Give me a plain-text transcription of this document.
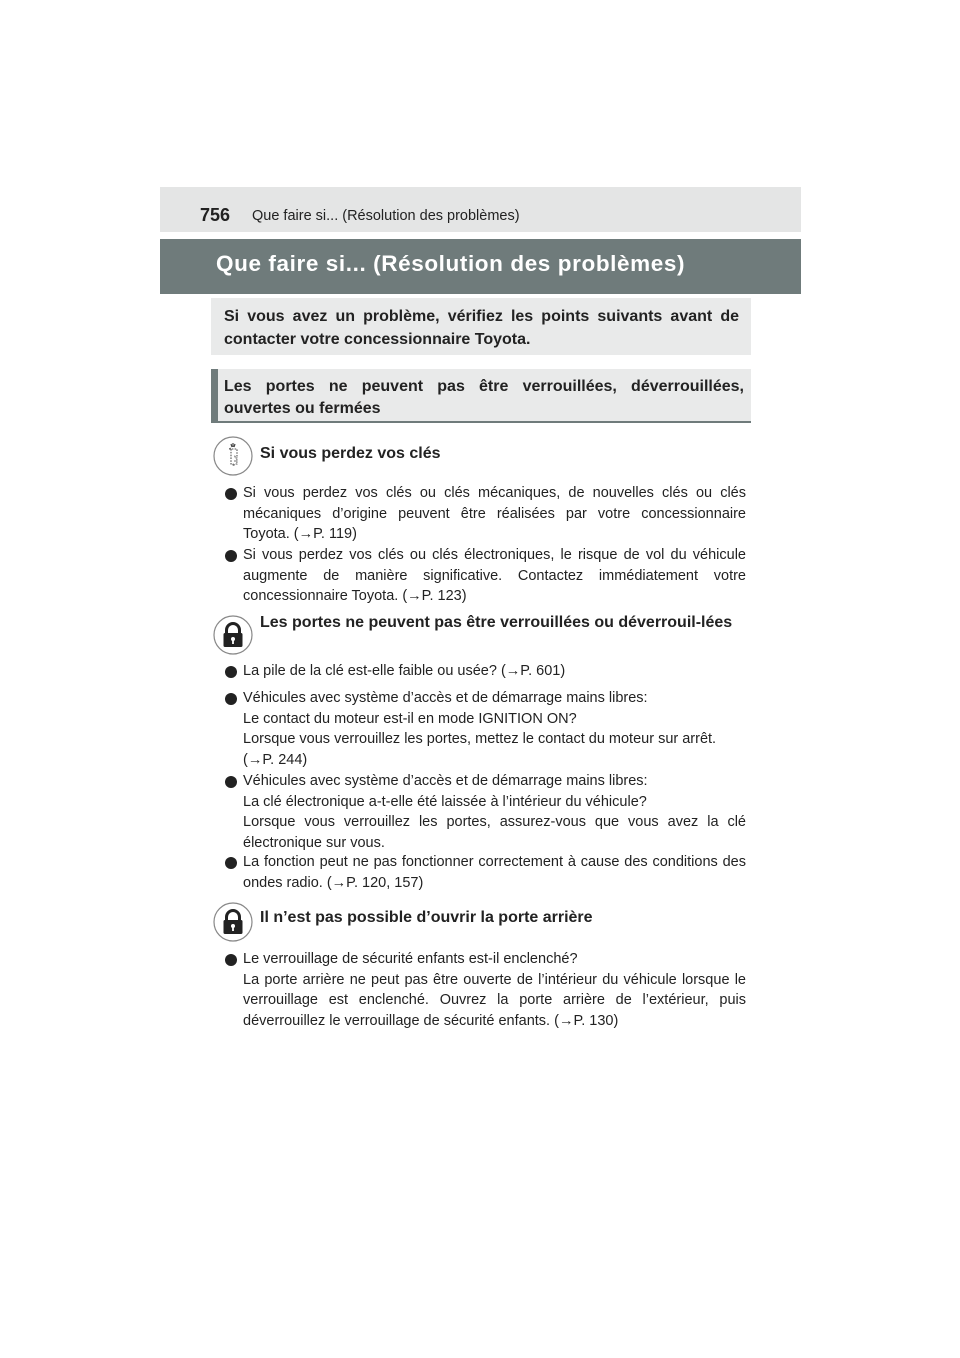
756 Que faire si... (Résolution des problèmes)
Que faire si... (Résolution des problèmes)
Si vous avez un problème, vérifiez les points suivants avant de contacter votre concessionnaire Toyota.
Les portes ne peuvent pas être verrouillées, déverrouillées, ouvertes ou fermées
Si vous perdez vos clés

Si vous perdez vos clés ou clés mécaniques, de nouvelles clés ou clés mécaniques d’origine peuvent être réalisées par votre concessionnaire Toyota. (→P. 119)

Si vous perdez vos clés ou clés électroniques, le risque de vol du véhicule augmente de manière significative. Contactez immédiatement votre concessionnaire Toyota. (→P. 123)

Les portes ne peuvent pas être verrouillées ou déverrouil-lées

La pile de la clé est-elle faible ou usée? (→P. 601)

Véhicules avec système d’accès et de démarrage mains libres:

Le contact du moteur est-il en mode IGNITION ON?

Lorsque vous verrouillez les portes, mettez le contact du moteur sur arrêt.

(→P. 244)

Véhicules avec système d’accès et de démarrage mains libres:

La clé électronique a-t-elle été laissée à l’intérieur du véhicule?

Lorsque vous verrouillez les portes, assurez-vous que vous avez la clé électronique sur vous.

La fonction peut ne pas fonctionner correctement à cause des conditions des ondes radio. (→P. 120, 157)

Il n’est pas possible d’ouvrir la porte arrière

Le verrouillage de sécurité enfants est-il enclenché?

La porte arrière ne peut pas être ouverte de l’intérieur du véhicule lorsque le verrouillage est enclenché. Ouvrez la porte arrière de l’extérieur, puis déverrouillez le verrouillage de sécurité enfants. (→P. 130)
